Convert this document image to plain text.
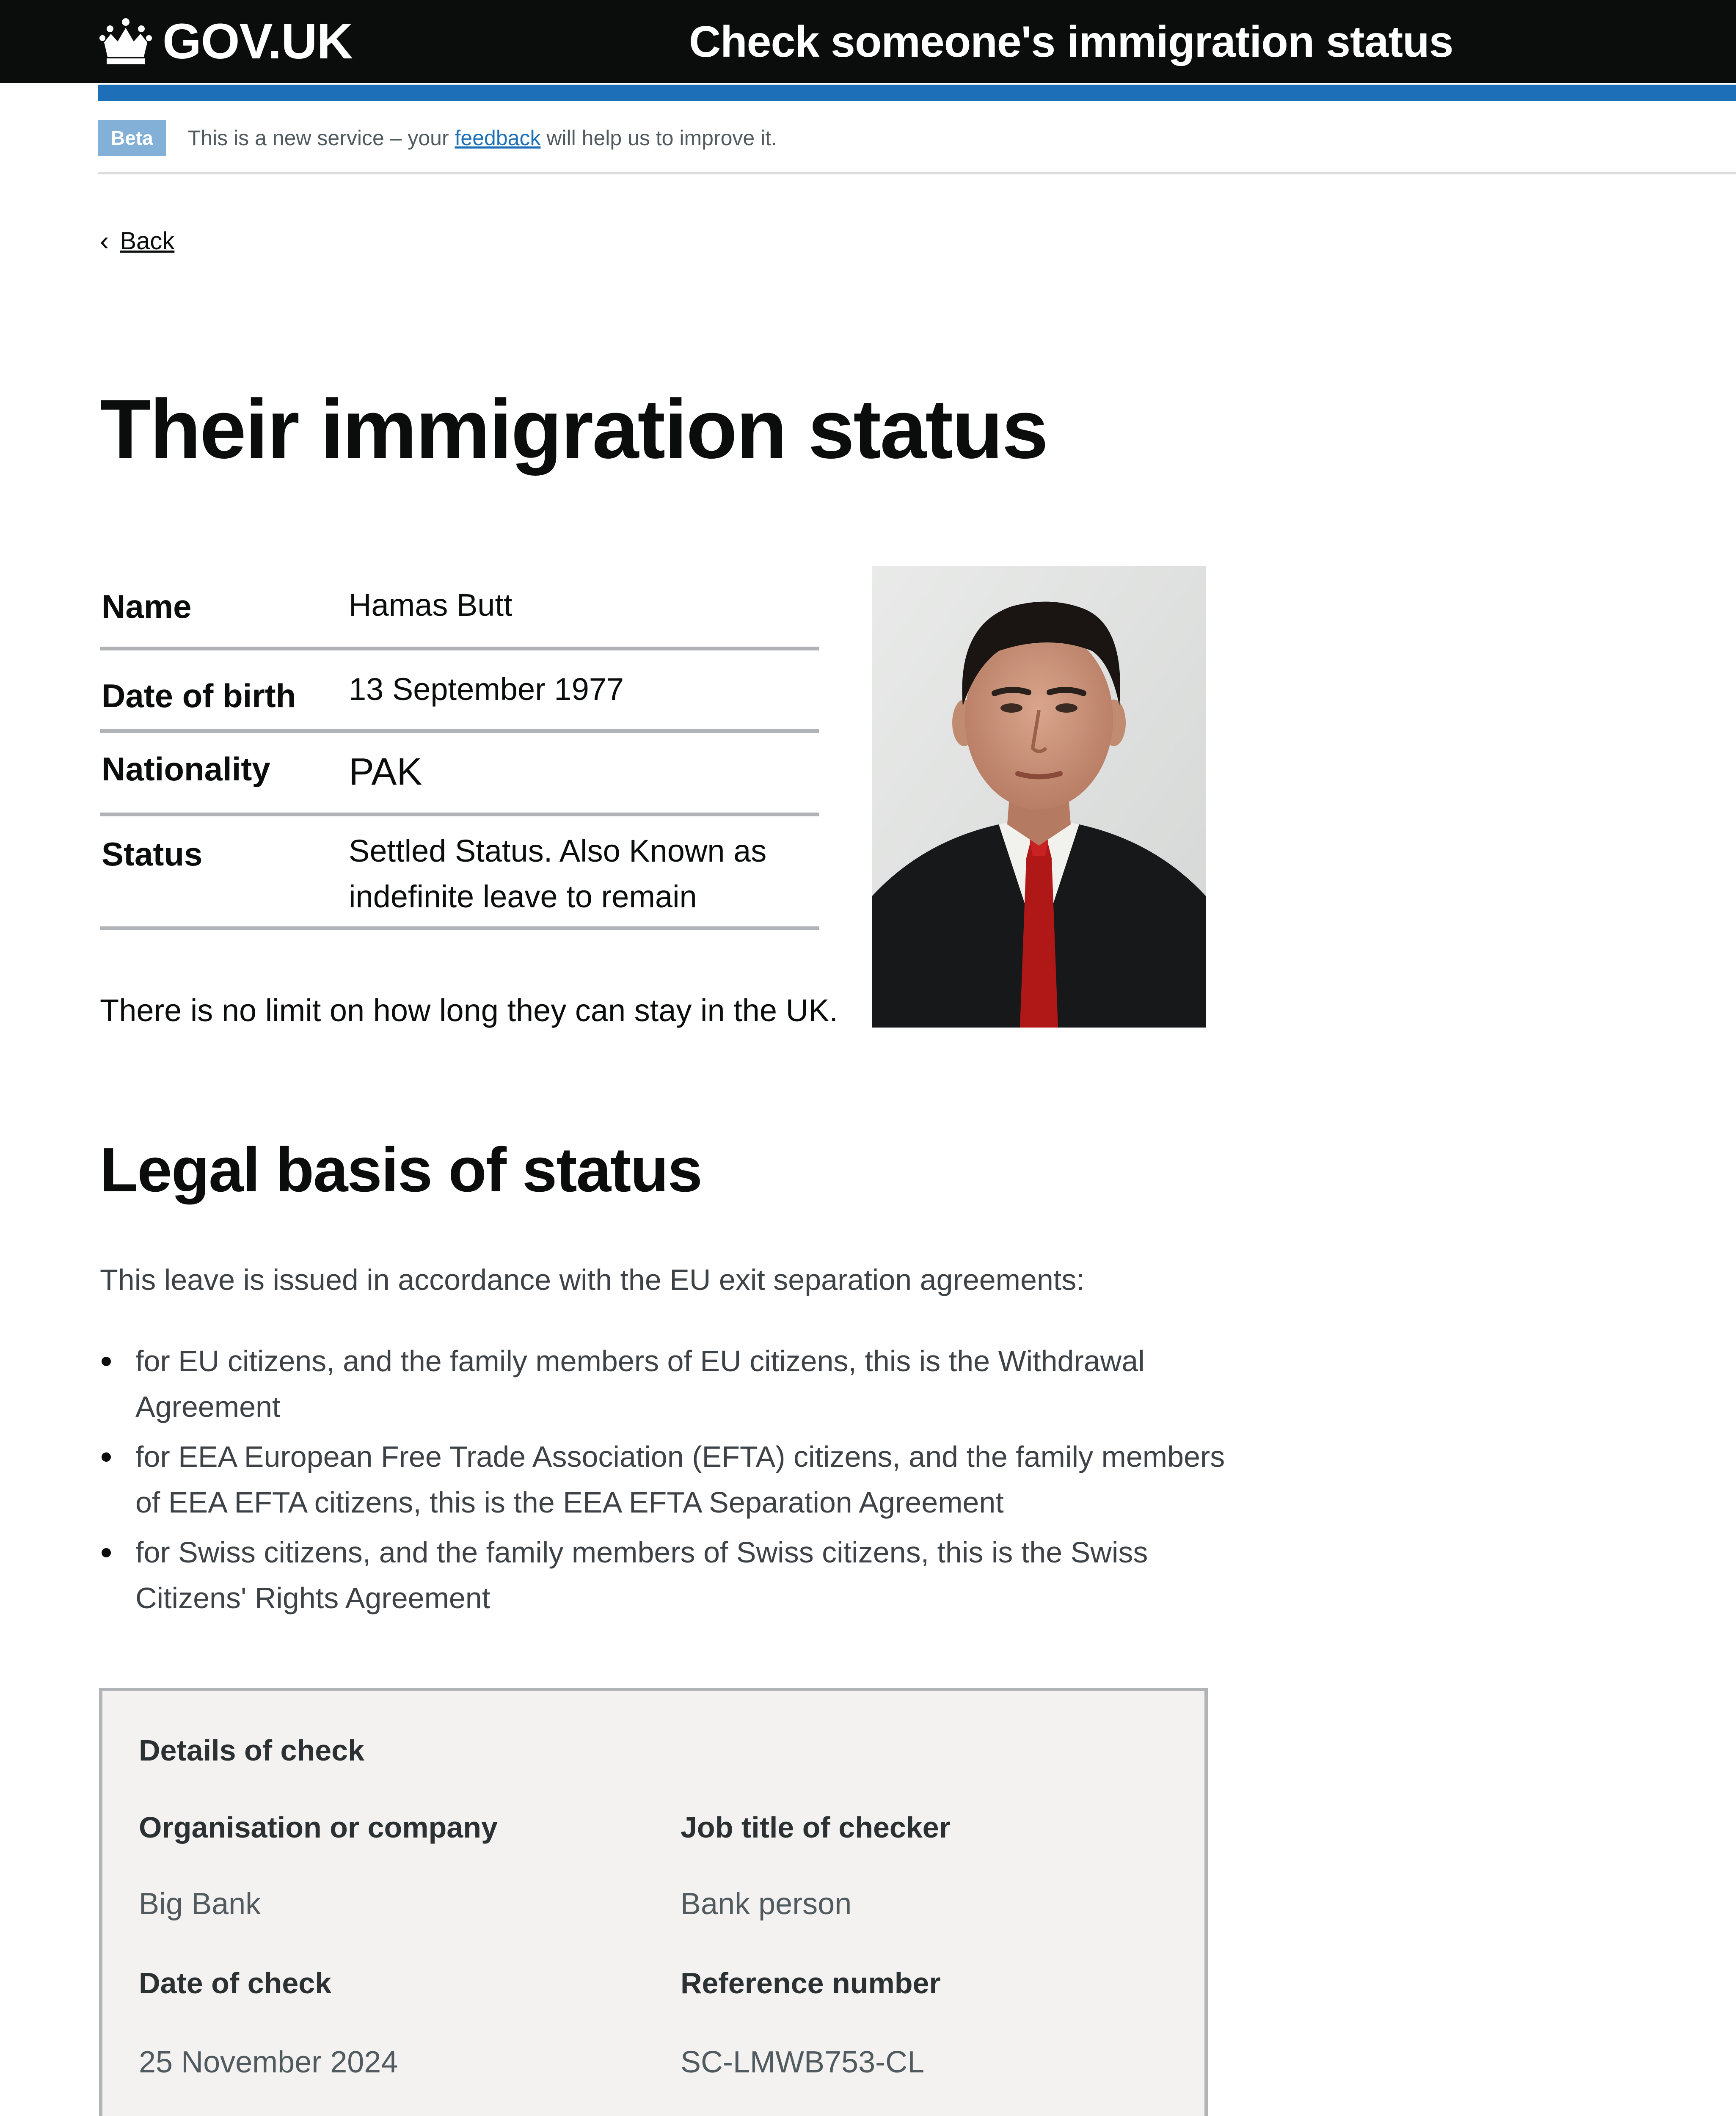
GOV.UK	Check someone's immigration status
Beta	This is a new service – your feedback will help us to improve it.
‹ Back
Their immigration status
Name	Hamas Butt
Date of birth 13 September 1977
Nationality PAK
Status	Settled Status. Also Known as indefinite leave to remain
There is no limit on how long they can stay in the UK.
Legal basis of status
This leave is issued in accordance with the EU exit separation agreements:
for EU citizens, and the family members of EU citizens, this is the Withdrawal Agreement
for EEA European Free Trade Association (EFTA) citizens, and the family members of EEA EFTA citizens, this is the EEA EFTA Separation Agreement
for Swiss citizens, and the family members of Swiss citizens, this is the Swiss Citizens' Rights Agreement
Details of check
Organisation or company	Job title of checker
Big Bank	Bank person
Date of check	Reference number
25 November 2024	SC-LMWB753-CL
